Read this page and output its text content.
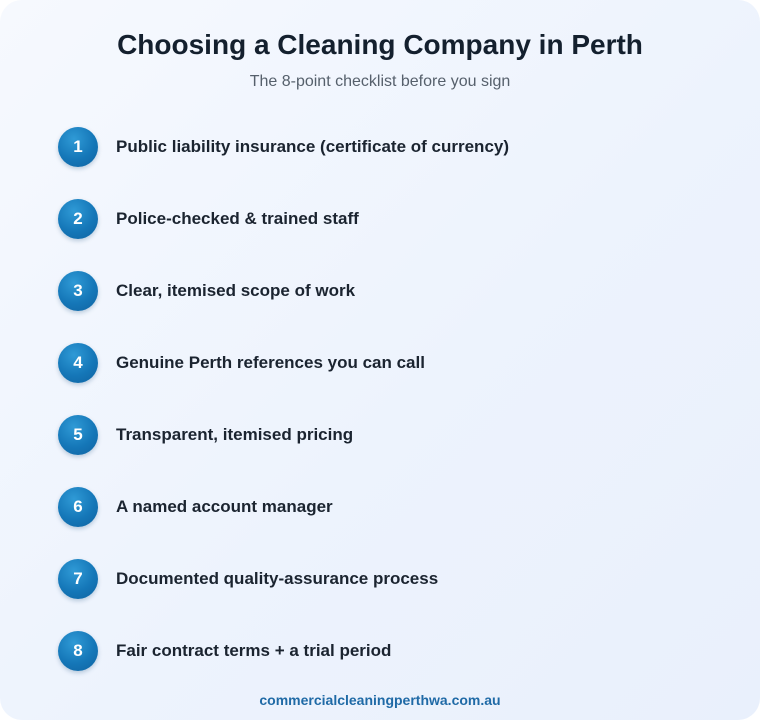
Choosing a Cleaning Company in Perth
The 8-point checklist before you sign
1	Public liability insurance (certificate of currency)
2	Police-checked & trained staff
3	Clear, itemised scope of work
4	Genuine Perth references you can call
5	Transparent, itemised pricing
6	A named account manager
7	Documented quality-assurance process
8	Fair contract terms + a trial period
commercialcleaningperthwa.com.au
